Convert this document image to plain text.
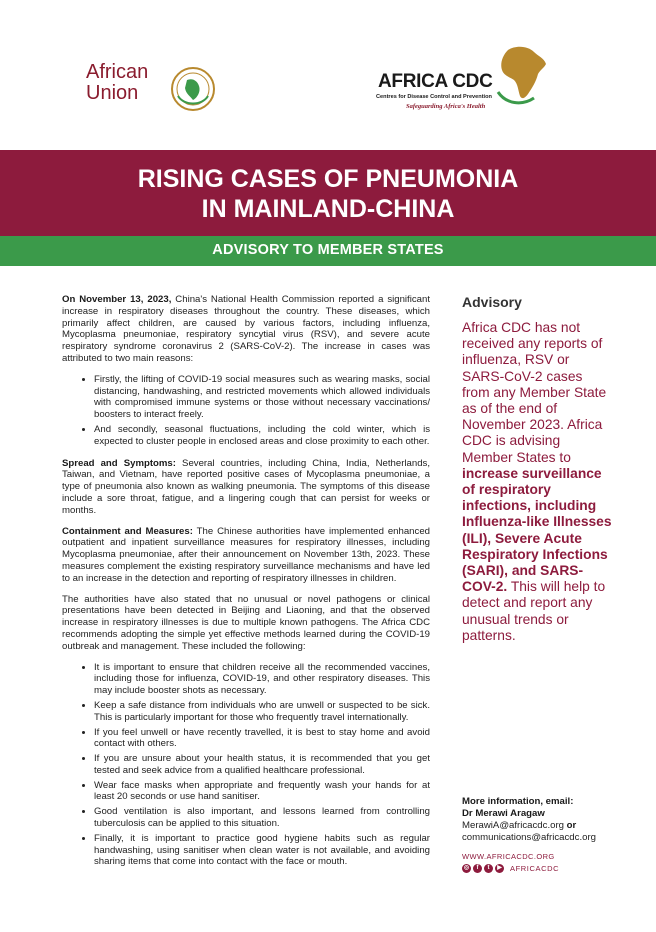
African
Union
AFRICA CDC
Centres for Disease Control and Prevention
Safeguarding Africa's Health
RISING CASES OF PNEUMONIA
IN MAINLAND-CHINA
ADVISORY TO MEMBER STATES

On November 13, 2023, China's National Health Commission reported a significant increase in respiratory diseases throughout the country. These diseases, which primarily affect children, are caused by various factors, including influenza, Mycoplasma pneumoniae, respiratory syncytial virus (RSV), and severe acute respiratory syndrome coronavirus 2 (SARS-CoV-2). The increase in cases was attributed to two main reasons:

• Firstly, the lifting of COVID-19 social measures such as wearing masks, social distancing, handwashing, and restricted movements which allowed individuals with compromised immune systems or those without necessary vaccinations/ boosters to interact freely.
• And secondly, seasonal fluctuations, including the cold winter, which is expected to cluster people in enclosed areas and close proximity to each other.

Spread and Symptoms: Several countries, including China, India, Netherlands, Taiwan, and Vietnam, have reported positive cases of Mycoplasma pneumoniae, a type of pneumonia also known as walking pneumonia. The symptoms of this disease include a sore throat, fatigue, and a lingering cough that can persist for weeks or months.

Containment and Measures: The Chinese authorities have implemented enhanced outpatient and inpatient surveillance measures for respiratory illnesses, including Mycoplasma pneumoniae, after their announcement on November 13th, 2023. These measures complement the existing respiratory surveillance mechanisms and have led to an increase in the detection and reporting of respiratory illnesses in children.

The authorities have also stated that no unusual or novel pathogens or clinical presentations have been detected in Beijing and Liaoning, and that the observed increase in respiratory illnesses is due to multiple known pathogens. The Africa CDC recommends adopting the simple yet effective methods learned during the COVID-19 outbreak and management. These included the following:

• It is important to ensure that children receive all the recommended vaccines, including those for influenza, COVID-19, and other respiratory diseases. This may include booster shots as necessary.
• Keep a safe distance from individuals who are unwell or suspected to be sick. This is particularly important for those who frequently travel internationally.
• If you feel unwell or have recently travelled, it is best to stay home and avoid contact with others.
• If you are unsure about your health status, it is recommended that you get tested and seek advice from a qualified healthcare professional.
• Wear face masks when appropriate and frequently wash your hands for at least 20 seconds or use hand sanitiser.
• Good ventilation is also important, and lessons learned from controlling tuberculosis can be applied to this situation.
• Finally, it is important to practice good hygiene habits such as regular handwashing, using sanitiser when clean water is not available, and avoiding sharing items that come into contact with the face or mouth.
Advisory
Africa CDC has not received any reports of influenza, RSV or SARS-CoV-2 cases from any Member State as of the end of November 2023. Africa CDC is advising Member States to increase surveillance of respiratory infections, including Influenza-like Illnesses (ILI), Severe Acute Respiratory Infections (SARI), and SARS-COV-2. This will help to detect and report any unusual trends or patterns.
More information, email:
Dr Merawi Aragaw
MerawiA@africacdc.org or
communications@africacdc.org
WWW.AFRICACDC.ORG
◎	f	t	▶ AFRICACDC
